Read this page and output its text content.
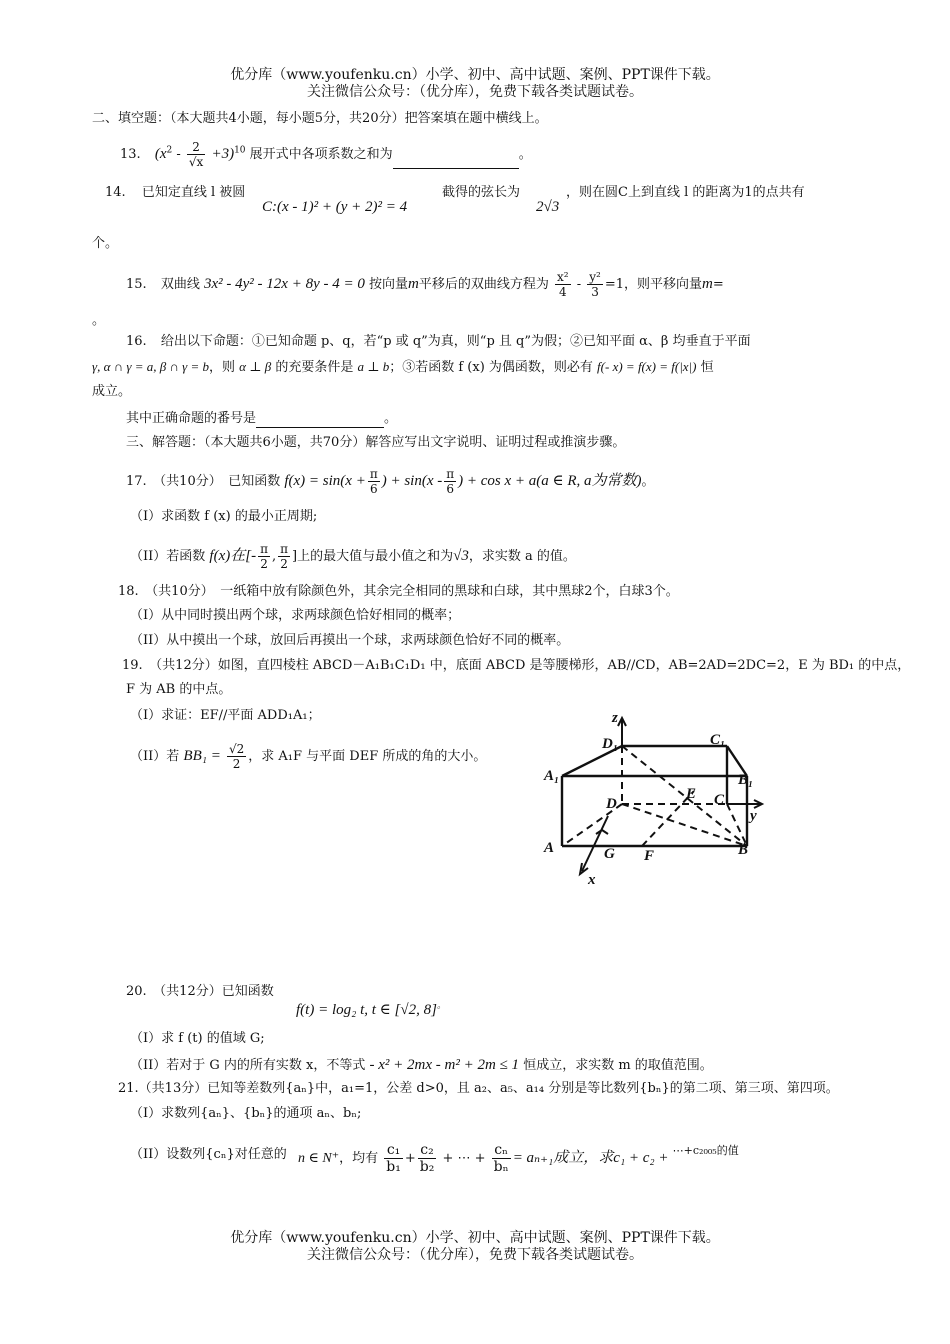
优分库（www.youfenku.cn）小学、初中、高中试题、案例、PPT课件下载。
关注微信公众号：（优分库），免费下载各类试题试卷。
二、填空题：（本大题共4小题，每小题5分，共20分）把答案填在题中横线上。
13. $(x^2 - \frac{2}{√x} +3)^{10}$ 展开式中各项系数之和为	。
14. 已知定直线 l 被圆
C:(x - 1)² + (y + 2)² = 4
截得的弦长为
2√3
，则在圆C上到直线 l 的距离为1的点共有
个。
15. 双曲线 3x² - 4y² - 12x + 8y - 4 = 0 按向量m平移后的双曲线方程为 $\frac{\text{x²}}{4} - \frac{\text{y²}}{3} =1$，则平移向量m=
。
16. 给出以下命题：①已知命题 p、q，若“p 或 q”为真，则“p 且 q”为假；②已知平面 α、β 均垂直于平面
γ, α ∩ γ = a, β ∩ γ = b，则 α ⊥ β 的充要条件是 a ⊥ b；③若函数 f (x) 为偶函数，则必有 f(- x) = f(x) = f(|x|) 恒
成立。
其中正确命题的番号是	。
三、解答题：（本大题共6小题，共70分）解答应写出文字说明、证明过程或推演步骤。
17.　（共10分）　已知函数 $f(x) = \sin(x + \frac{\pi}{6}$ ) + $\sin(x - \frac{\pi}{6}$ ) + cos x + a(a ∈ R, a为常数)。
（I）求函数 f (x) 的最小正周期;
（II）若函数 f(x)在[- $\frac{\pi}{2}$ , $\frac{\pi}{2}$ ]上的最大值与最小值之和为√3，求实数 a 的值。
18.　（共10分）　一纸箱中放有除颜色外，其余完全相同的黑球和白球，其中黑球2个，白球3个。
（I）从中同时摸出两个球，求两球颜色恰好相同的概率；
（II）从中摸出一个球，放回后再摸出一个球，求两球颜色恰好不同的概率。
19.　（共12分）如图，直四棱柱 ABCD－A₁B₁C₁D₁ 中，底面 ABCD 是等腰梯形，AB//CD，AB=2AD=2DC=2，E 为 BD₁ 的中点，
F 为 AB 的中点。
（I）求证：EF//平面 ADD₁A₁；
（II）若 $BB_1 = \frac{√2}{2}$ ，求 A₁F 与平面 DEF 所成的角的大小。
z
D₁	C₁
A₁	B₁
D
E C
y
A	G F	B
x
20.　（共12分）已知函数
f(t) = log₂ t, t ∈ [√2, 8]。
（I）求 f (t) 的值域 G;
（II）若对于 G 内的所有实数 x，不等式 - x² + 2mx - m² + 2m ≤ 1 恒成立，求实数 m 的取值范围。
21.（共13分）已知等差数列{aₙ}中，a₁=1，公差 d>0，且 a₂、a₅、a₁₄ 分别是等比数列{bₙ}的第二项、第三项、第四项。
（I）求数列{aₙ}、{bₙ}的通项 aₙ、bₙ;
（II）设数列{cₙ}对任意的 n ∈ N⁺，均有 $\frac{\text{c₁}}{\text{b₁}} + \frac{\text{c₂}}{\text{b₂}}$ + ⋯ + $\frac{\text{cₙ}}{\text{bₙ}} = a_{n+1}$成立，求c₁ + c₂ + $^{\cdots+c_{2005}的值}$
优分库（www.youfenku.cn）小学、初中、高中试题、案例、PPT课件下载。
关注微信公众号：（优分库），免费下载各类试题试卷。
